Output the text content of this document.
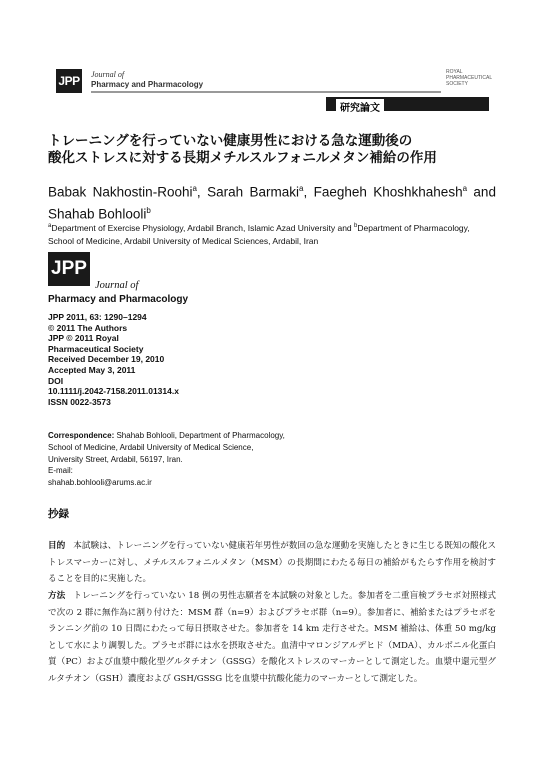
JPP	Journal of
Pharmacy and Pharmacology
ROYAL
PHARMACEUTICAL
SOCIETY
研究論文
トレーニングを行っていない健康男性における急な運動後の
酸化ストレスに対する長期メチルスルフォニルメタン補給の作用
Babak Nakhostin-Roohi$^a$, Sarah Barmaki$^a$, Faegheh Khoshkhahesh$^a$ and Shahab Bohlooli$^b$
$^a$Department of Exercise Physiology, Ardabil Branch, Islamic Azad University and $^b$Department of Pharmacology, School of Medicine, Ardabil University of Medical Sciences, Ardabil, Iran
JPP
Journal of
Pharmacy and Pharmacology
JPP 2011, 63: 1290–1294
© 2011 The Authors
JPP © 2011 Royal
Pharmaceutical Society
Received December 19, 2010
Accepted May 3, 2011
DOI
10.1111/j.2042-7158.2011.01314.x
ISSN 0022-3573
Correspondence: Shahab Bohlooli, Department of Pharmacology,
School of Medicine, Ardabil University of Medical Science,
University Street, Ardabil, 56197, Iran.
E-mail:
shahab.bohlooli@arums.ac.ir
抄録
目的 本試験は、トレーニングを行っていない健康若年男性が数回の急な運動を実施したときに生じる既知の酸化ストレスマーカーに対し、メチルスルフォニルメタン（MSM）の長期間にわたる毎日の補給がもたらす作用を検討することを目的に実施した。
方法 トレーニングを行っていない 18 例の男性志願者を本試験の対象とした。参加者を二重盲検プラセボ対照様式で次の 2 群に無作為に割り付けた：MSM 群（n=9）およびプラセボ群（n=9）。参加者に、補給またはプラセボをランニング前の 10 日間にわたって毎日摂取させた。参加者を 14 km 走行させた。MSM 補給は、体重 50 mg/kg として水により調製した。プラセボ群には水を摂取させた。血清中マロンジアルデヒド（MDA）、カルボニル化蛋白質（PC）および血漿中酸化型グルタチオン（GSSG）を酸化ストレスのマーカーとして測定した。血漿中還元型グルタチオン（GSH）濃度および GSH/GSSG 比を血漿中抗酸化能力のマーカーとして測定した。
